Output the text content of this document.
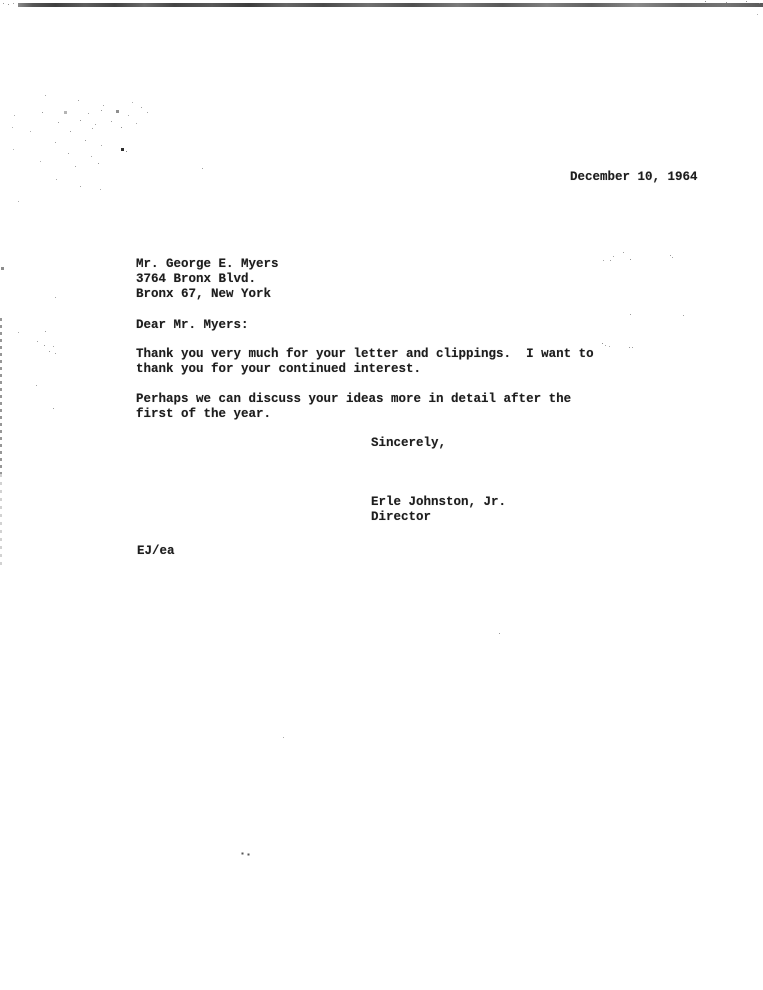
December 10, 1964
Mr. George E. Myers
3764 Bronx Blvd.
Bronx 67, New York
Dear Mr. Myers:
Thank you very much for your letter and clippings.  I want to
thank you for your continued interest.
Perhaps we can discuss your ideas more in detail after the
first of the year.
Sincerely,
Erle Johnston, Jr.
Director
EJ/ea
